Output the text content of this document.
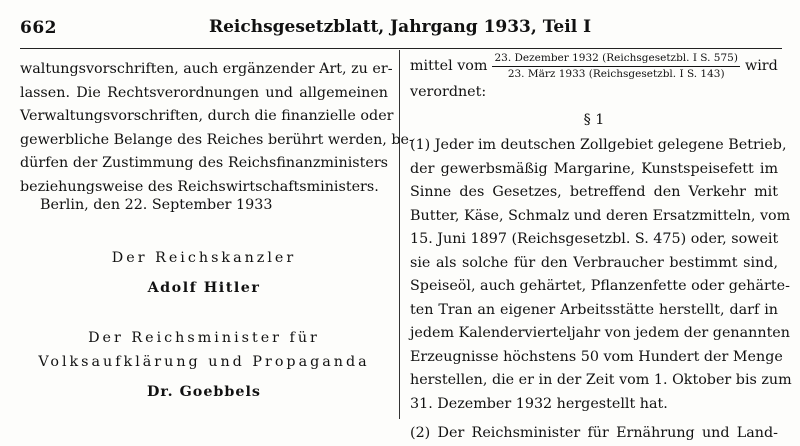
662	Reichsgesetzblatt, Jahrgang 1933, Teil I
waltungsvorschriften, auch ergänzender Art, zu er-
lassen. Die Rechtsverordnungen und allgemeinen
Verwaltungsvorschriften, durch die finanzielle oder
gewerbliche Belange des Reiches berührt werden, be-
dürfen der Zustimmung des Reichsfinanzministers
beziehungsweise des Reichswirtschaftsministers.
Berlin, den 22. September 1933
Der Reichskanzler
Adolf Hitler
Der Reichsminister für
Volksaufklärung und Propaganda
Dr. Goebbels
mittel vom $\frac{\text{23. Dezember 1932 (Reichsgesetzbl. I S. 575)}}{\text{23. März 1933 (Reichsgesetzbl. I S. 143)}}$ wird
verordnet:
§ 1
(1) Jeder im deutschen Zollgebiet gelegene Betrieb,
der gewerbsmäßig Margarine, Kunstspeisefett im
Sinne des Gesetzes, betreffend den Verkehr mit
Butter, Käse, Schmalz und deren Ersatzmitteln, vom
15. Juni 1897 (Reichsgesetzbl. S. 475) oder, soweit
sie als solche für den Verbraucher bestimmt sind,
Speiseöl, auch gehärtet, Pflanzenfette oder gehärte-
ten Tran an eigener Arbeitsstätte herstellt, darf in
jedem Kalendervierteljahr von jedem der genannten
Erzeugnisse höchstens 50 vom Hundert der Menge
herstellen, die er in der Zeit vom 1. Oktober bis zum
31. Dezember 1932 hergestellt hat.
(2) Der Reichsminister für Ernährung und Land-
